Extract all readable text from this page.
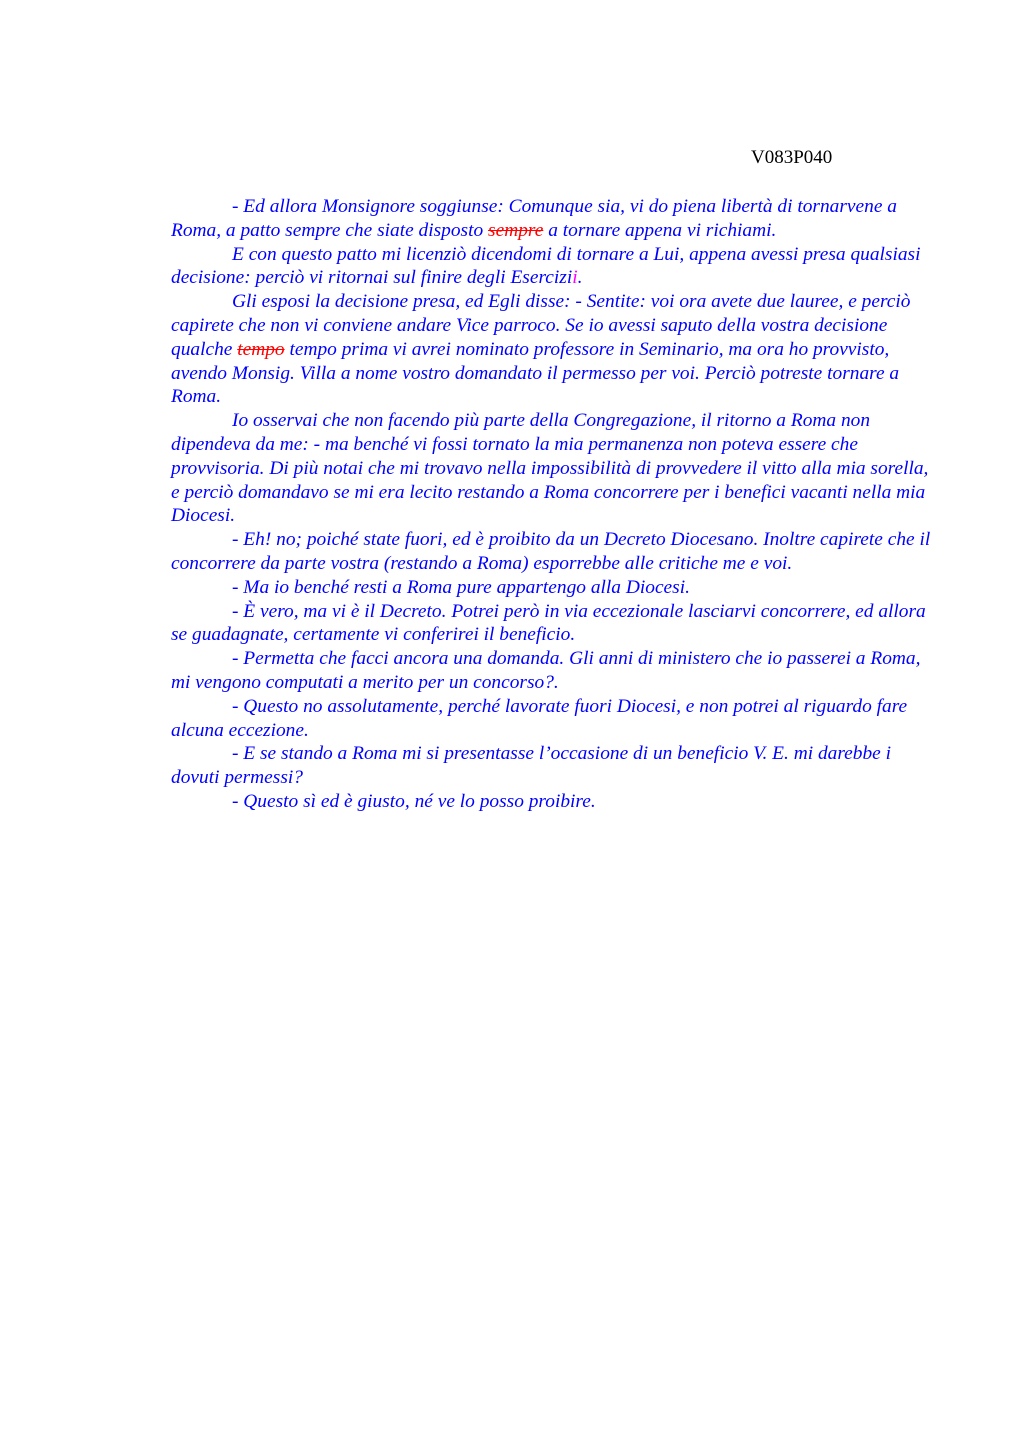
V083P040

- Ed allora Monsignore soggiunse: Comunque sia, vi do piena libertà di tornarvene a Roma, a patto sempre che siate disposto sempre a tornare appena vi richiami.

E con questo patto mi licenziò dicendomi di tornare a Lui, appena avessi presa qualsiasi decisione: perciò vi ritornai sul finire degli Esercizii.

Gli esposi la decisione presa, ed Egli disse: - Sentite: voi ora avete due lauree, e perciò capirete che non vi conviene andare Vice parroco. Se io avessi saputo della vostra decisione qualche tempo tempo prima vi avrei nominato professore in Seminario, ma ora ho provvisto, avendo Monsig. Villa a nome vostro domandato il permesso per voi. Perciò potreste tornare a Roma.

Io osservai che non facendo più parte della Congregazione, il ritorno a Roma non dipendeva da me: - ma benché vi fossi tornato la mia permanenza non poteva essere che provvisoria. Di più notai che mi trovavo nella impossibilità di provvedere il vitto alla mia sorella, e perciò domandavo se mi era lecito restando a Roma concorrere per i benefici vacanti nella mia Diocesi.

- Eh! no; poiché state fuori, ed è proibito da un Decreto Diocesano. Inoltre capirete che il concorrere da parte vostra (restando a Roma) esporrebbe alle critiche me e voi.

- Ma io benché resti a Roma pure appartengo alla Diocesi.

- È vero, ma vi è il Decreto. Potrei però in via eccezionale lasciarvi concorrere, ed allora se guadagnate, certamente vi conferirei il beneficio.

- Permetta che facci ancora una domanda. Gli anni di ministero che io passerei a Roma, mi vengono computati a merito per un concorso?.

- Questo no assolutamente, perché lavorate fuori Diocesi, e non potrei al riguardo fare alcuna eccezione.

- E se stando a Roma mi si presentasse l’occasione di un beneficio V. E. mi darebbe i dovuti permessi?

- Questo sì ed è giusto, né ve lo posso proibire.
